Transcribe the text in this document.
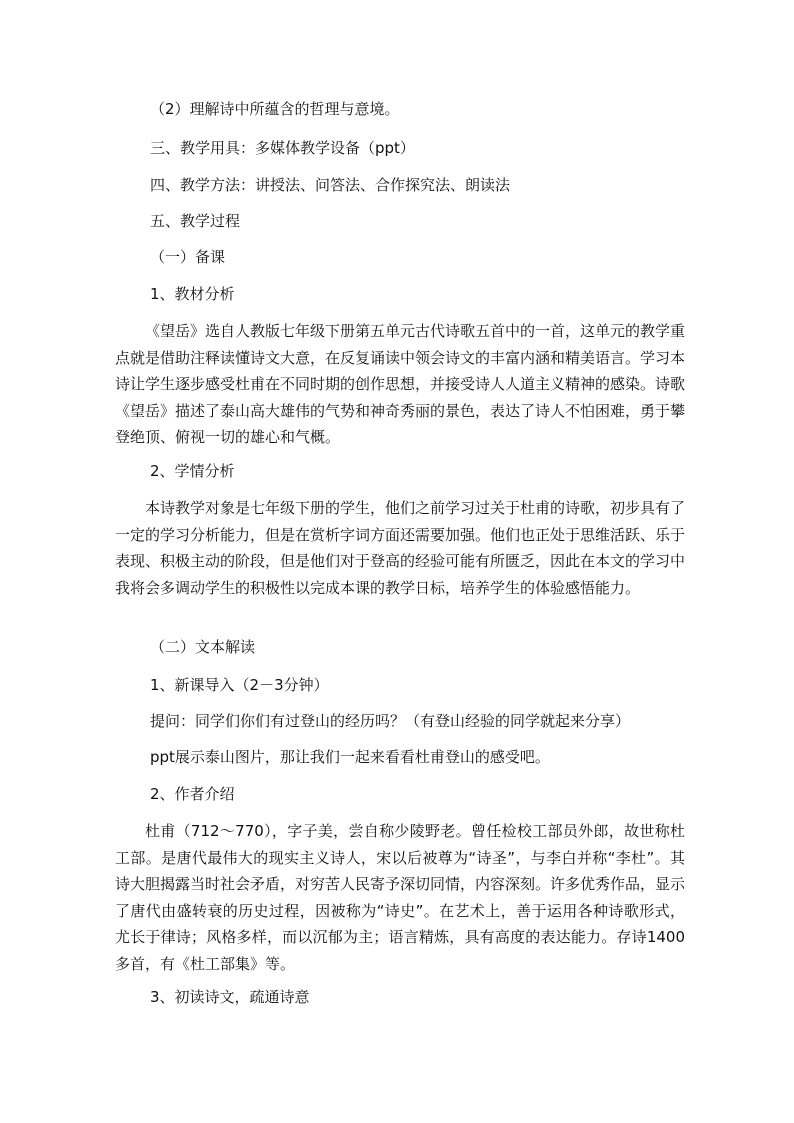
（2）理解诗中所蕴含的哲理与意境。
三、教学用具：多媒体教学设备（ppt）
四、教学方法：讲授法、问答法、合作探究法、朗读法
五、教学过程
（一）备课
1、教材分析
《望岳》选自人教版七年级下册第五单元古代诗歌五首中的一首，这单元的教学重点就是借助注释读懂诗文大意，在反复诵读中领会诗文的丰富内涵和精美语言。学习本诗让学生逐步感受杜甫在不同时期的创作思想，并接受诗人人道主义精神的感染。诗歌《望岳》描述了泰山高大雄伟的气势和神奇秀丽的景色，表达了诗人不怕困难，勇于攀登绝顶、俯视一切的雄心和气概。
2、学情分析
本诗教学对象是七年级下册的学生，他们之前学习过关于杜甫的诗歌，初步具有了一定的学习分析能力，但是在赏析字词方面还需要加强。他们也正处于思维活跃、乐于表现、积极主动的阶段，但是他们对于登高的经验可能有所匮乏，因此在本文的学习中我将会多调动学生的积极性以完成本课的教学日标，培养学生的体验感悟能力。
（二）文本解读
1、新课导入（2－3分钟）
提问：同学们你们有过登山的经历吗？（有登山经验的同学就起来分享）
ppt展示泰山图片，那让我们一起来看看杜甫登山的感受吧。
2、作者介绍
杜甫（712～770），字子美，尝自称少陵野老。曾任检校工部员外郎，故世称杜工部。是唐代最伟大的现实主义诗人，宋以后被尊为“诗圣”，与李白并称“李杜”。其诗大胆揭露当时社会矛盾，对穷苦人民寄予深切同情，内容深刻。许多优秀作品，显示了唐代由盛转衰的历史过程，因被称为“诗史”。在艺术上，善于运用各种诗歌形式，尤长于律诗；风格多样，而以沉郁为主；语言精炼，具有高度的表达能力。存诗1400多首，有《杜工部集》等。
3、初读诗文，疏通诗意
